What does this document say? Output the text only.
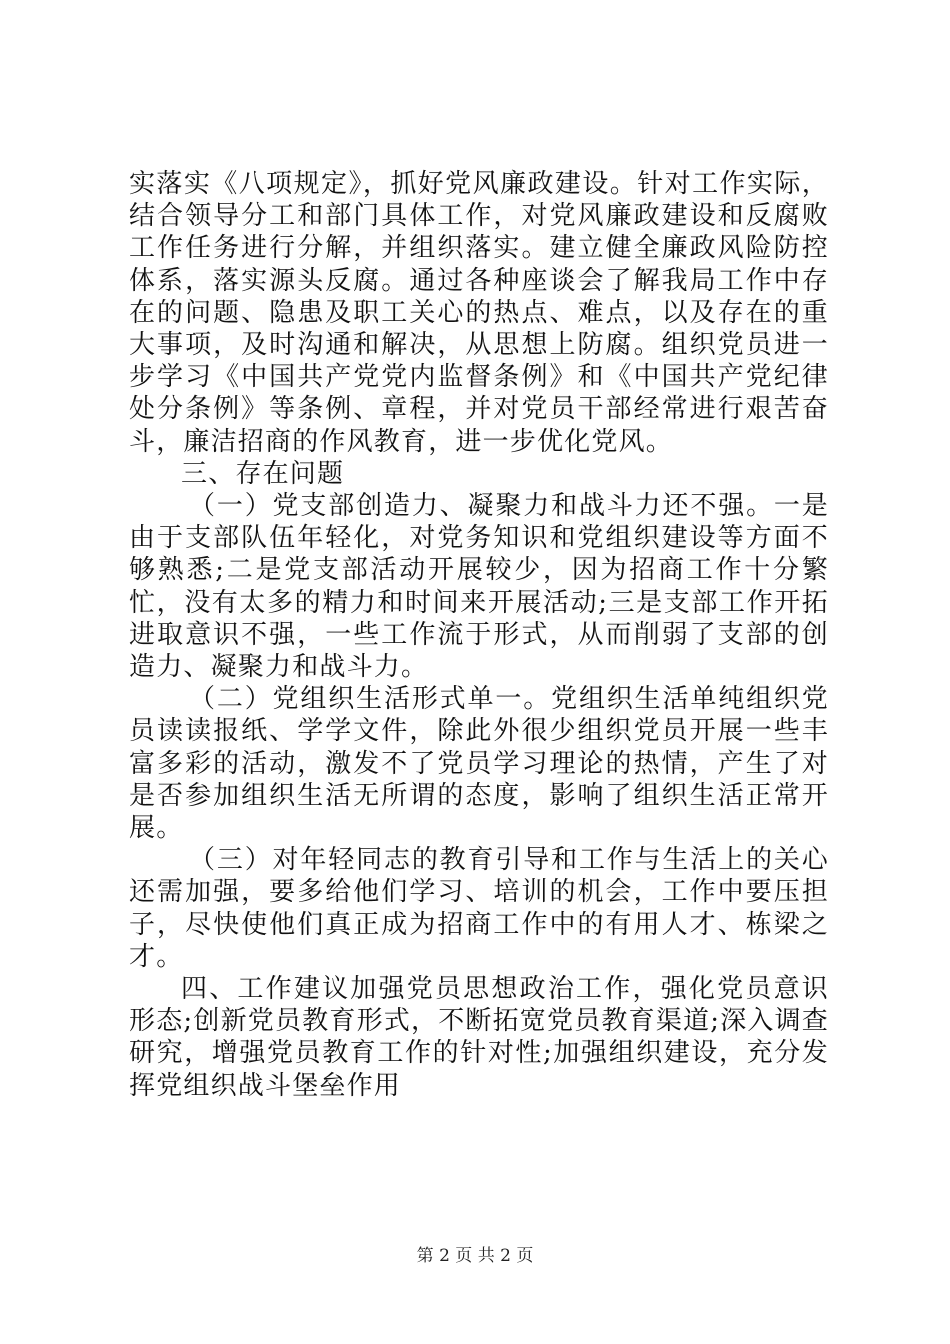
实落实《八项规定》，抓好党风廉政建设。针对工作实际，结合领导分工和部门具体工作，对党风廉政建设和反腐败工作任务进行分解，并组织落实。建立健全廉政风险防控体系，落实源头反腐。通过各种座谈会了解我局工作中存在的问题、隐患及职工关心的热点、难点，以及存在的重大事项，及时沟通和解决，从思想上防腐。组织党员进一步学习《中国共产党党内监督条例》和《中国共产党纪律处分条例》等条例、章程，并对党员干部经常进行艰苦奋斗，廉洁招商的作风教育，进一步优化党风。

三、存在问题

（一）党支部创造力、凝聚力和战斗力还不强。一是由于支部队伍年轻化，对党务知识和党组织建设等方面不够熟悉;二是党支部活动开展较少，因为招商工作十分繁忙，没有太多的精力和时间来开展活动;三是支部工作开拓进取意识不强，一些工作流于形式，从而削弱了支部的创造力、凝聚力和战斗力。

（二）党组织生活形式单一。党组织生活单纯组织党员读读报纸、学学文件，除此外很少组织党员开展一些丰富多彩的活动，激发不了党员学习理论的热情，产生了对是否参加组织生活无所谓的态度，影响了组织生活正常开展。

（三）对年轻同志的教育引导和工作与生活上的关心还需加强，要多给他们学习、培训的机会，工作中要压担子，尽快使他们真正成为招商工作中的有用人才、栋梁之才。

四、工作建议加强党员思想政治工作，强化党员意识形态;创新党员教育形式，不断拓宽党员教育渠道;深入调查研究，增强党员教育工作的针对性;加强组织建设，充分发挥党组织战斗堡垒作用

第 2 页 共 2 页
